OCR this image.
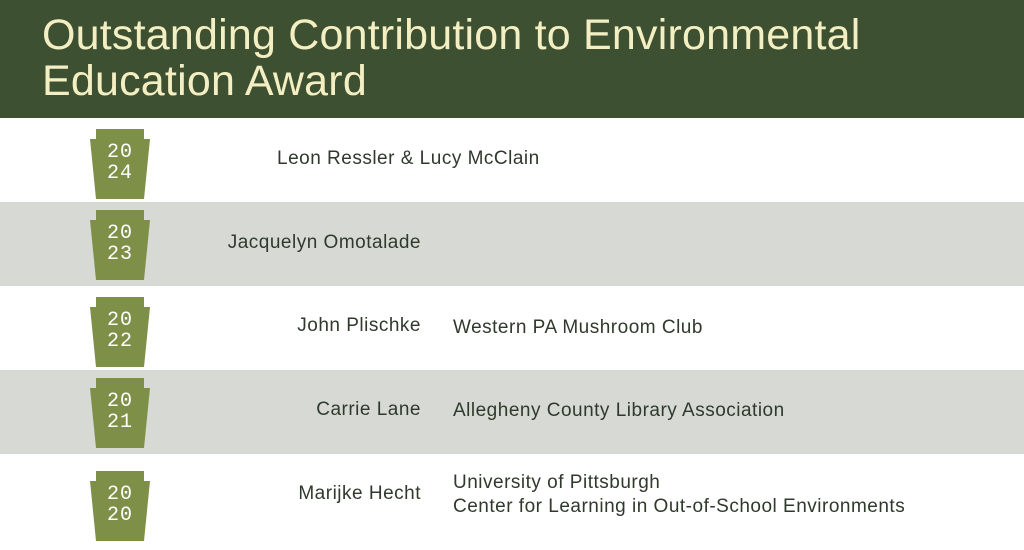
Outstanding Contribution to Environmental Education Award
20
24
Leon Ressler & Lucy McClain
20
23
Jacquelyn Omotalade
20
22
John Plischke Western PA Mushroom Club
20
21
Carrie Lane Allegheny County Library Association
20
20
Marijke Hecht
University of Pittsburgh
Center for Learning in Out-of-School Environments
